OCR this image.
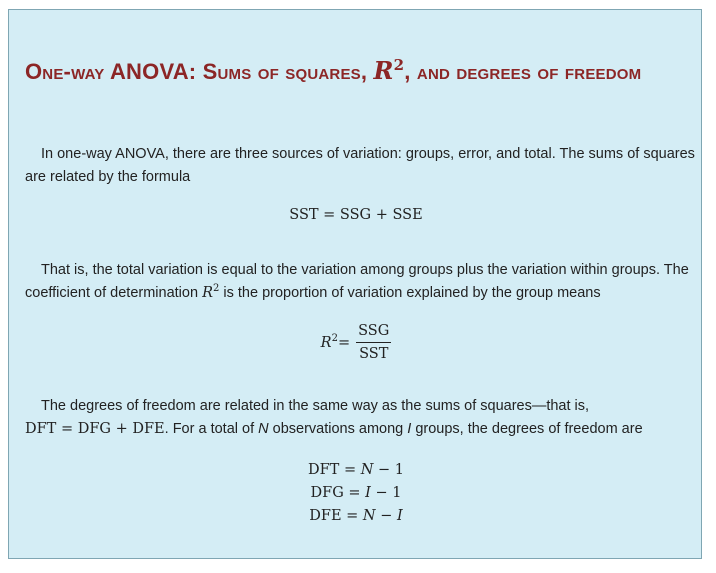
One-way ANOVA: Sums of squares, $R^2$, and degrees of freedom

In one-way ANOVA, there are three sources of variation: groups, error, and total. The sums of squares are related by the formula

SST = SSG + SSE

That is, the total variation is equal to the variation among groups plus the variation within groups. The coefficient of determination $R^2$ is the proportion of variation explained by the group means

$R^2 = \frac{\text{SSG}}{\text{SST}}$

The degrees of freedom are related in the same way as the sums of squares—that is,
DFT = DFG + DFE. For a total of N observations among I groups, the degrees of freedom are

DFT = N − 1
DFG = I − 1
DFE = N − I
